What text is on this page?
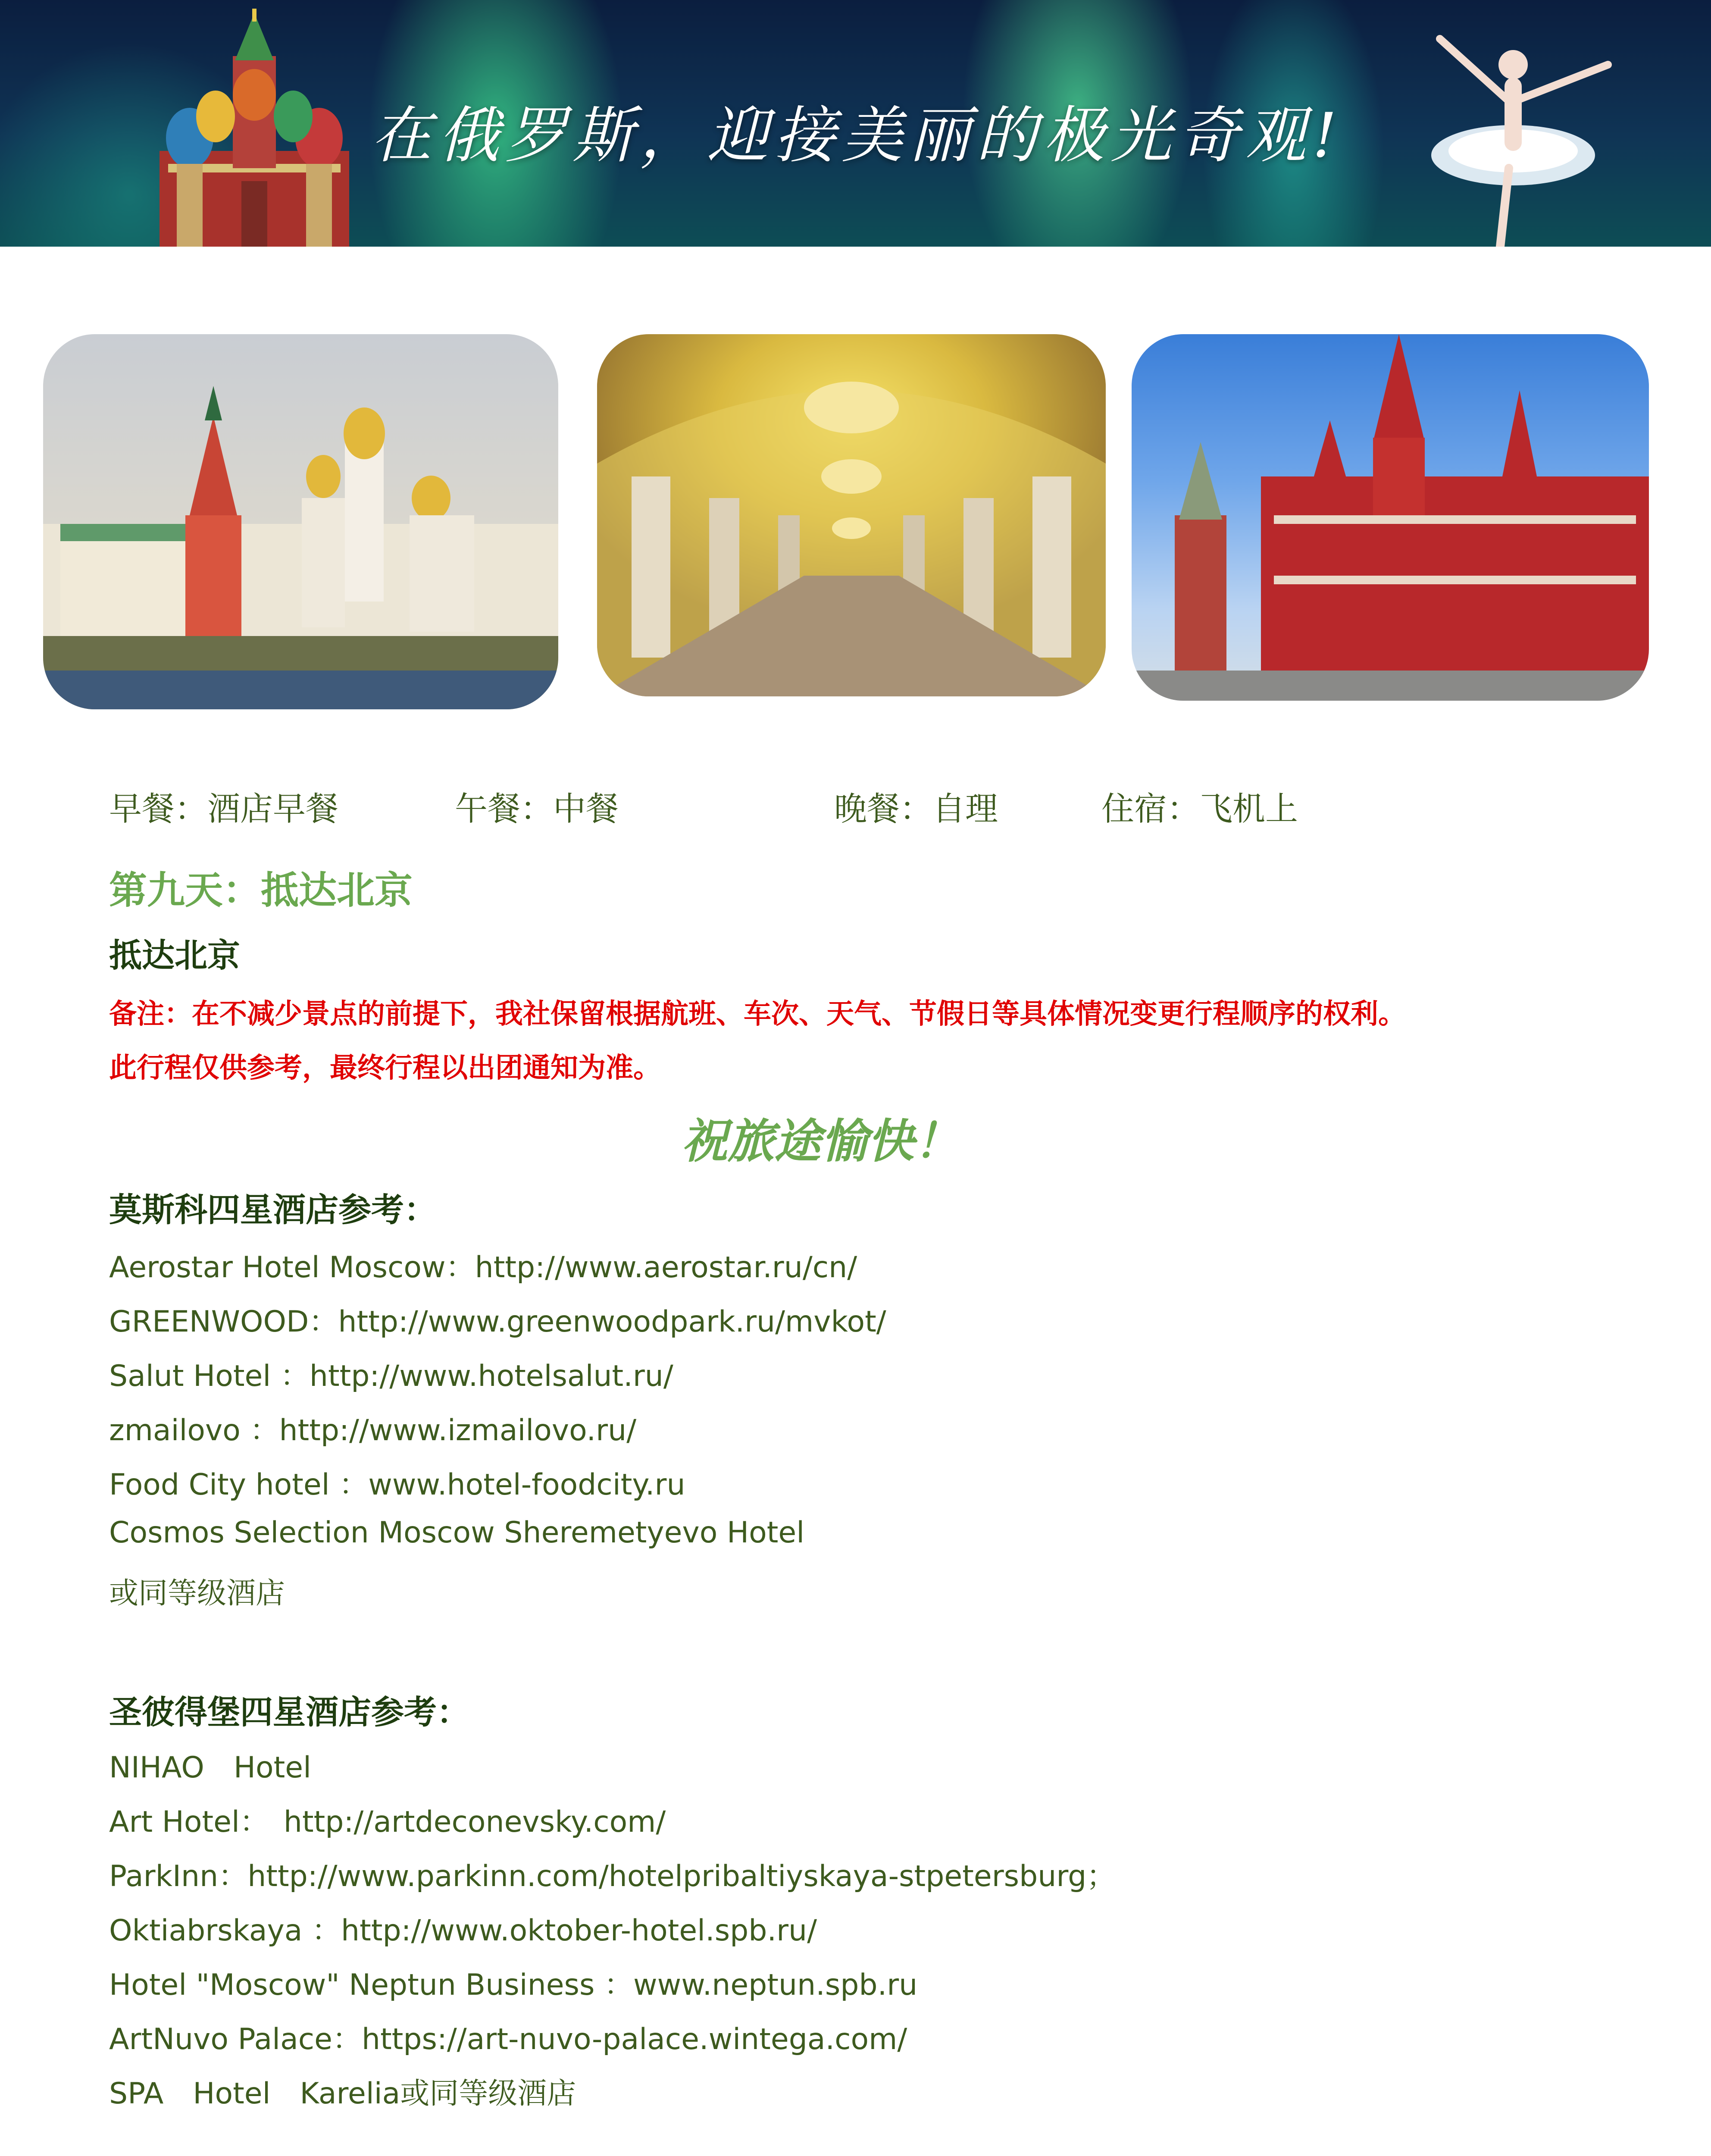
在俄罗斯，迎接美丽的极光奇观!
早餐：酒店早餐	午餐：中餐	晚餐：自理	住宿：飞机上
第九天：抵达北京
抵达北京
备注：在不减少景点的前提下，我社保留根据航班、车次、天气、节假日等具体情况变更行程顺序的权利。
此行程仅供参考，最终行程以出团通知为准。
祝旅途愉快！
莫斯科四星酒店参考：
Aerostar Hotel Moscow：http://www.aerostar.ru/cn/
GREENWOOD：http://www.greenwoodpark.ru/mvkot/
Salut Hotel ：http://www.hotelsalut.ru/
zmailovo ：http://www.izmailovo.ru/
Food City hotel ：www.hotel-foodcity.ru
Cosmos Selection Moscow Sheremetyevo Hotel
或同等级酒店
圣彼得堡四星酒店参考：
NIHAO　Hotel
Art Hotel：　http://artdeconevsky.com/
ParkInn：http://www.parkinn.com/hotelpribaltiyskaya-stpetersburg；
Oktiabrskaya ：http://www.oktober-hotel.spb.ru/
Hotel "Moscow" Neptun Business ：www.neptun.spb.ru
ArtNuvo Palace：https://art-nuvo-palace.wintega.com/
SPA　Hotel　Karelia或同等级酒店
